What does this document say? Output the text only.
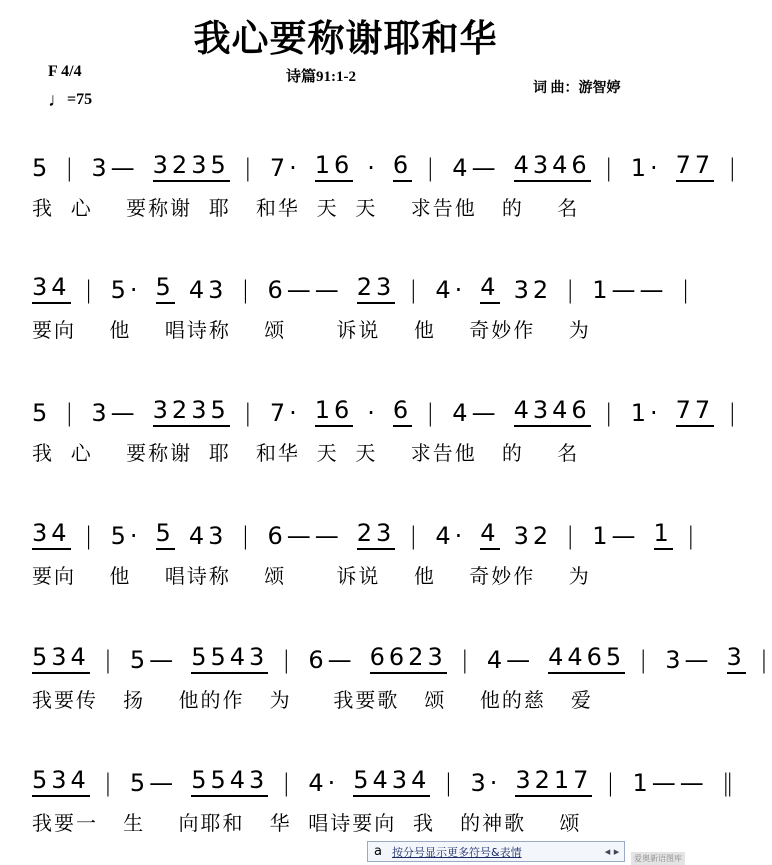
我心要称谢耶和华
F 4/4
♩=75
诗篇91:1-2
词 曲：游智婷
5 | 3— 3235 | 7· 16 · 6 | 4— 4346 | 1· 77 |
我  心    要称谢  耶   和华  天  天    求告他   的    名
34 | 5· 5 43 | 6—— 23 | 4· 4 32 | 1—— |
要向    他    唱诗称    颂      诉说    他    奇妙作    为
5 | 3— 3235 | 7· 16 · 6 | 4— 4346 | 1· 77 |
我  心    要称谢  耶   和华  天  天    求告他   的    名
34 | 5· 5 43 | 6—— 23 | 4· 4 32 | 1— 1 |
要向    他    唱诗称    颂      诉说    他    奇妙作    为
534 | 5— 5543 | 6— 6623 | 4— 4465 | 3— 3 |
我要传   扬    他的作   为     我要歌   颂    他的慈   爱
534 | 5— 5543 | 4· 5434 | 3· 3217 | 1—— ‖
我要一   生    向耶和   华  唱诗要向  我   的神歌    颂
a 按分号显示更多符号&表情	◂ ▸
爱奥新语图库
